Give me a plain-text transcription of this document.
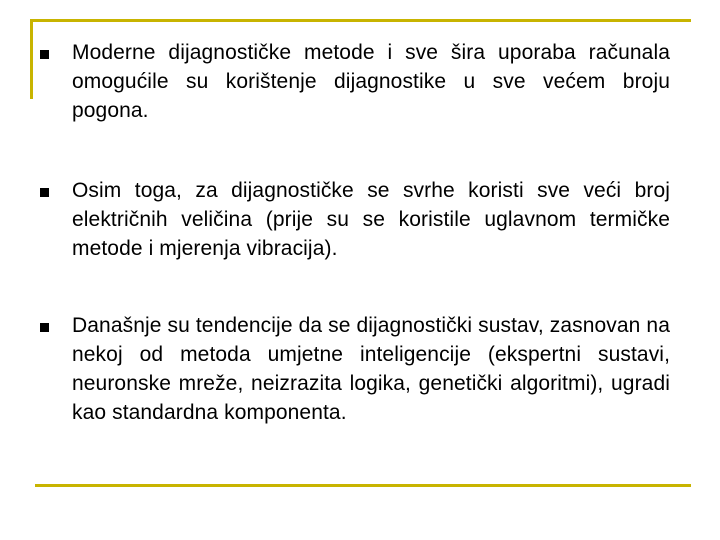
Moderne dijagnostičke metode i sve šira uporaba računala omogućile su korištenje dijagnostike u sve većem broju pogona.
Osim toga, za dijagnostičke se svrhe koristi sve veći broj električnih veličina (prije su se koristile uglavnom termičke metode i mjerenja vibracija).
Današnje su tendencije da se dijagnostički sustav, zasnovan na nekoj od metoda umjetne inteligencije (ekspertni sustavi, neuronske mreže, neizrazita logika, genetički algoritmi), ugradi kao standardna komponenta.
